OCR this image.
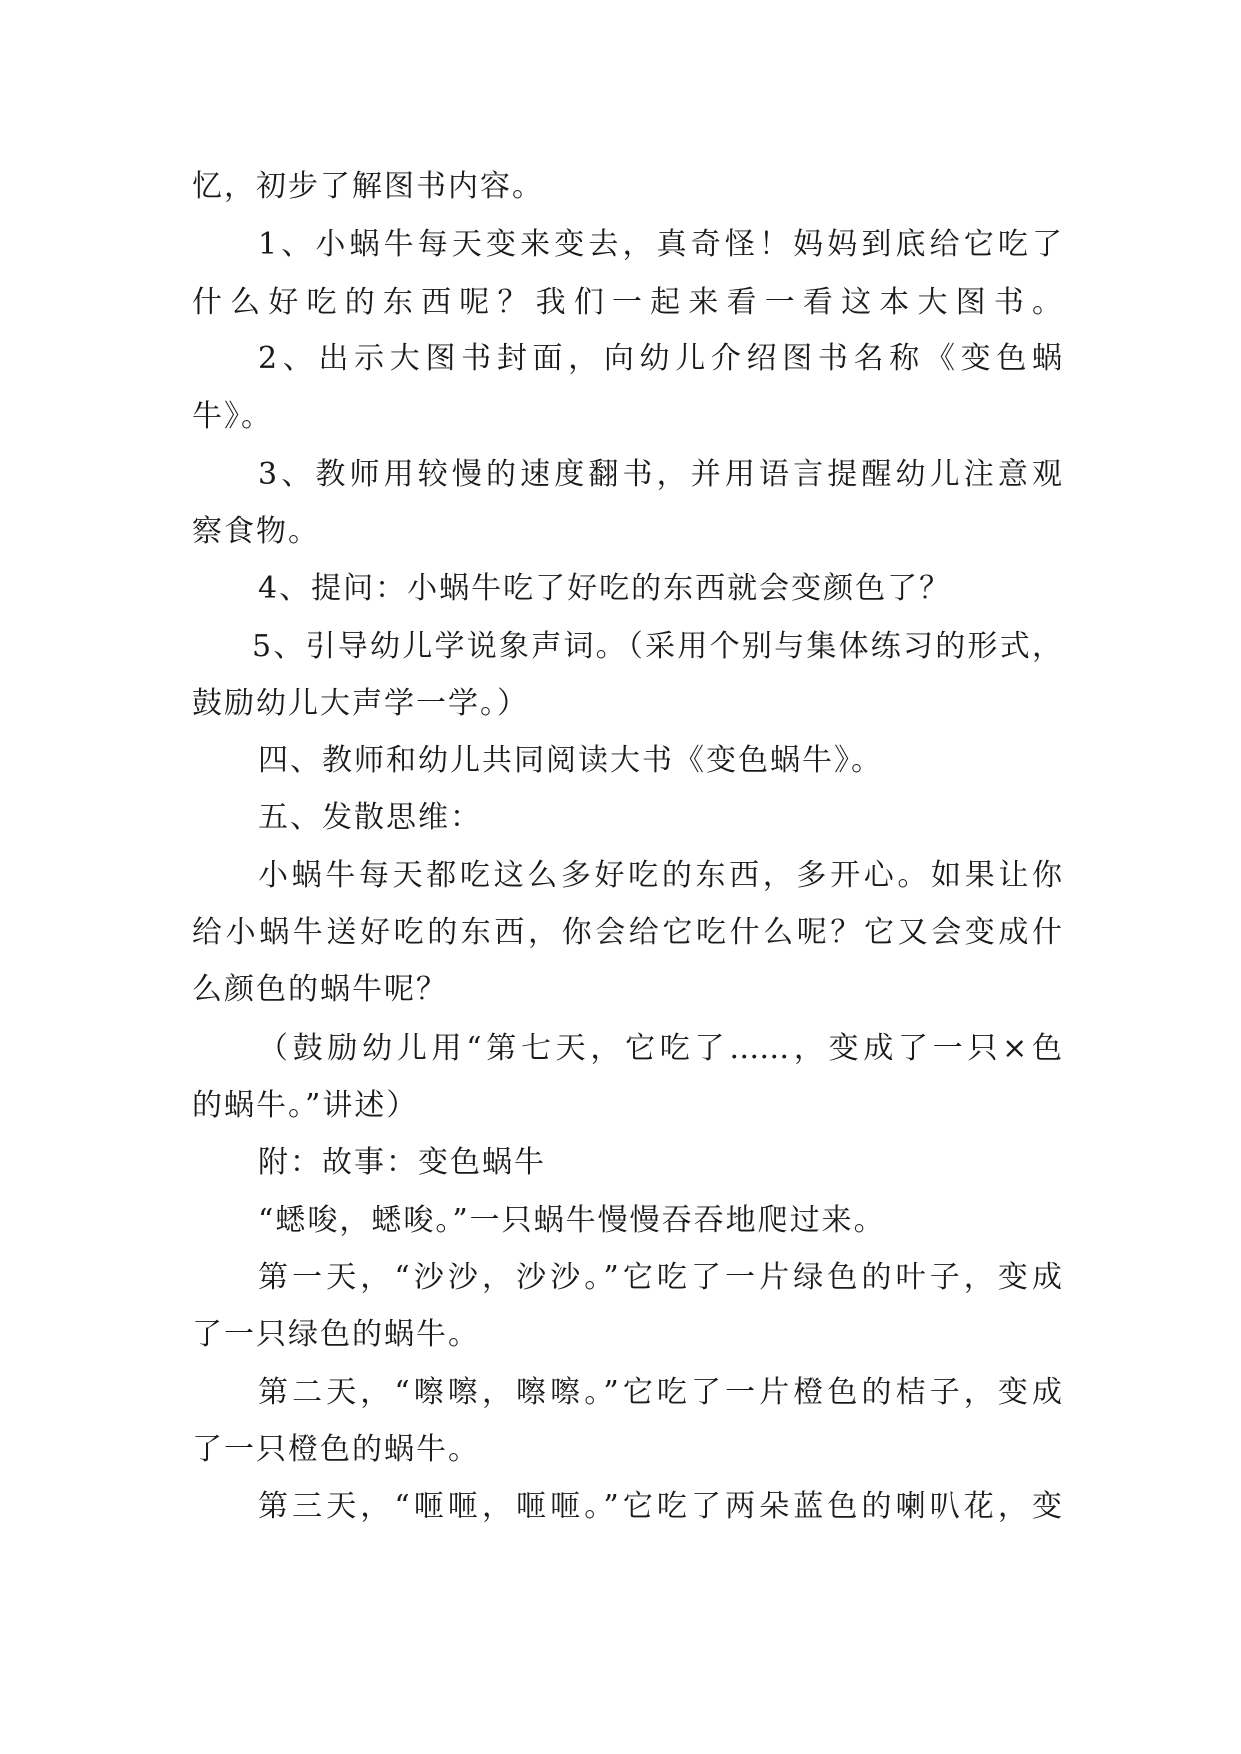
忆，初步了解图书内容。
1、小蜗牛每天变来变去，真奇怪！妈妈到底给它吃了
什么好吃的东西呢？我们一起来看一看这本大图书。
2、出示大图书封面，向幼儿介绍图书名称《变色蜗
牛》。
3、教师用较慢的速度翻书，并用语言提醒幼儿注意观
察食物。
4、提问：小蜗牛吃了好吃的东西就会变颜色了？
5、引导幼儿学说象声词。（采用个别与集体练习的形式，
鼓励幼儿大声学一学。）
四、教师和幼儿共同阅读大书《变色蜗牛》。
五、发散思维：
小蜗牛每天都吃这么多好吃的东西，多开心。如果让你
给小蜗牛送好吃的东西，你会给它吃什么呢？它又会变成什
么颜色的蜗牛呢？
（鼓励幼儿用“第七天，它吃了……，变成了一只×色
的蜗牛。”讲述）
附：故事：变色蜗牛
“蟋唆，蟋唆。”一只蜗牛慢慢吞吞地爬过来。
第一天，“沙沙，沙沙。”它吃了一片绿色的叶子，变成
了一只绿色的蜗牛。
第二天，“嚓嚓，嚓嚓。”它吃了一片橙色的桔子，变成
了一只橙色的蜗牛。
第三天，“咂咂，咂咂。”它吃了两朵蓝色的喇叭花，变
